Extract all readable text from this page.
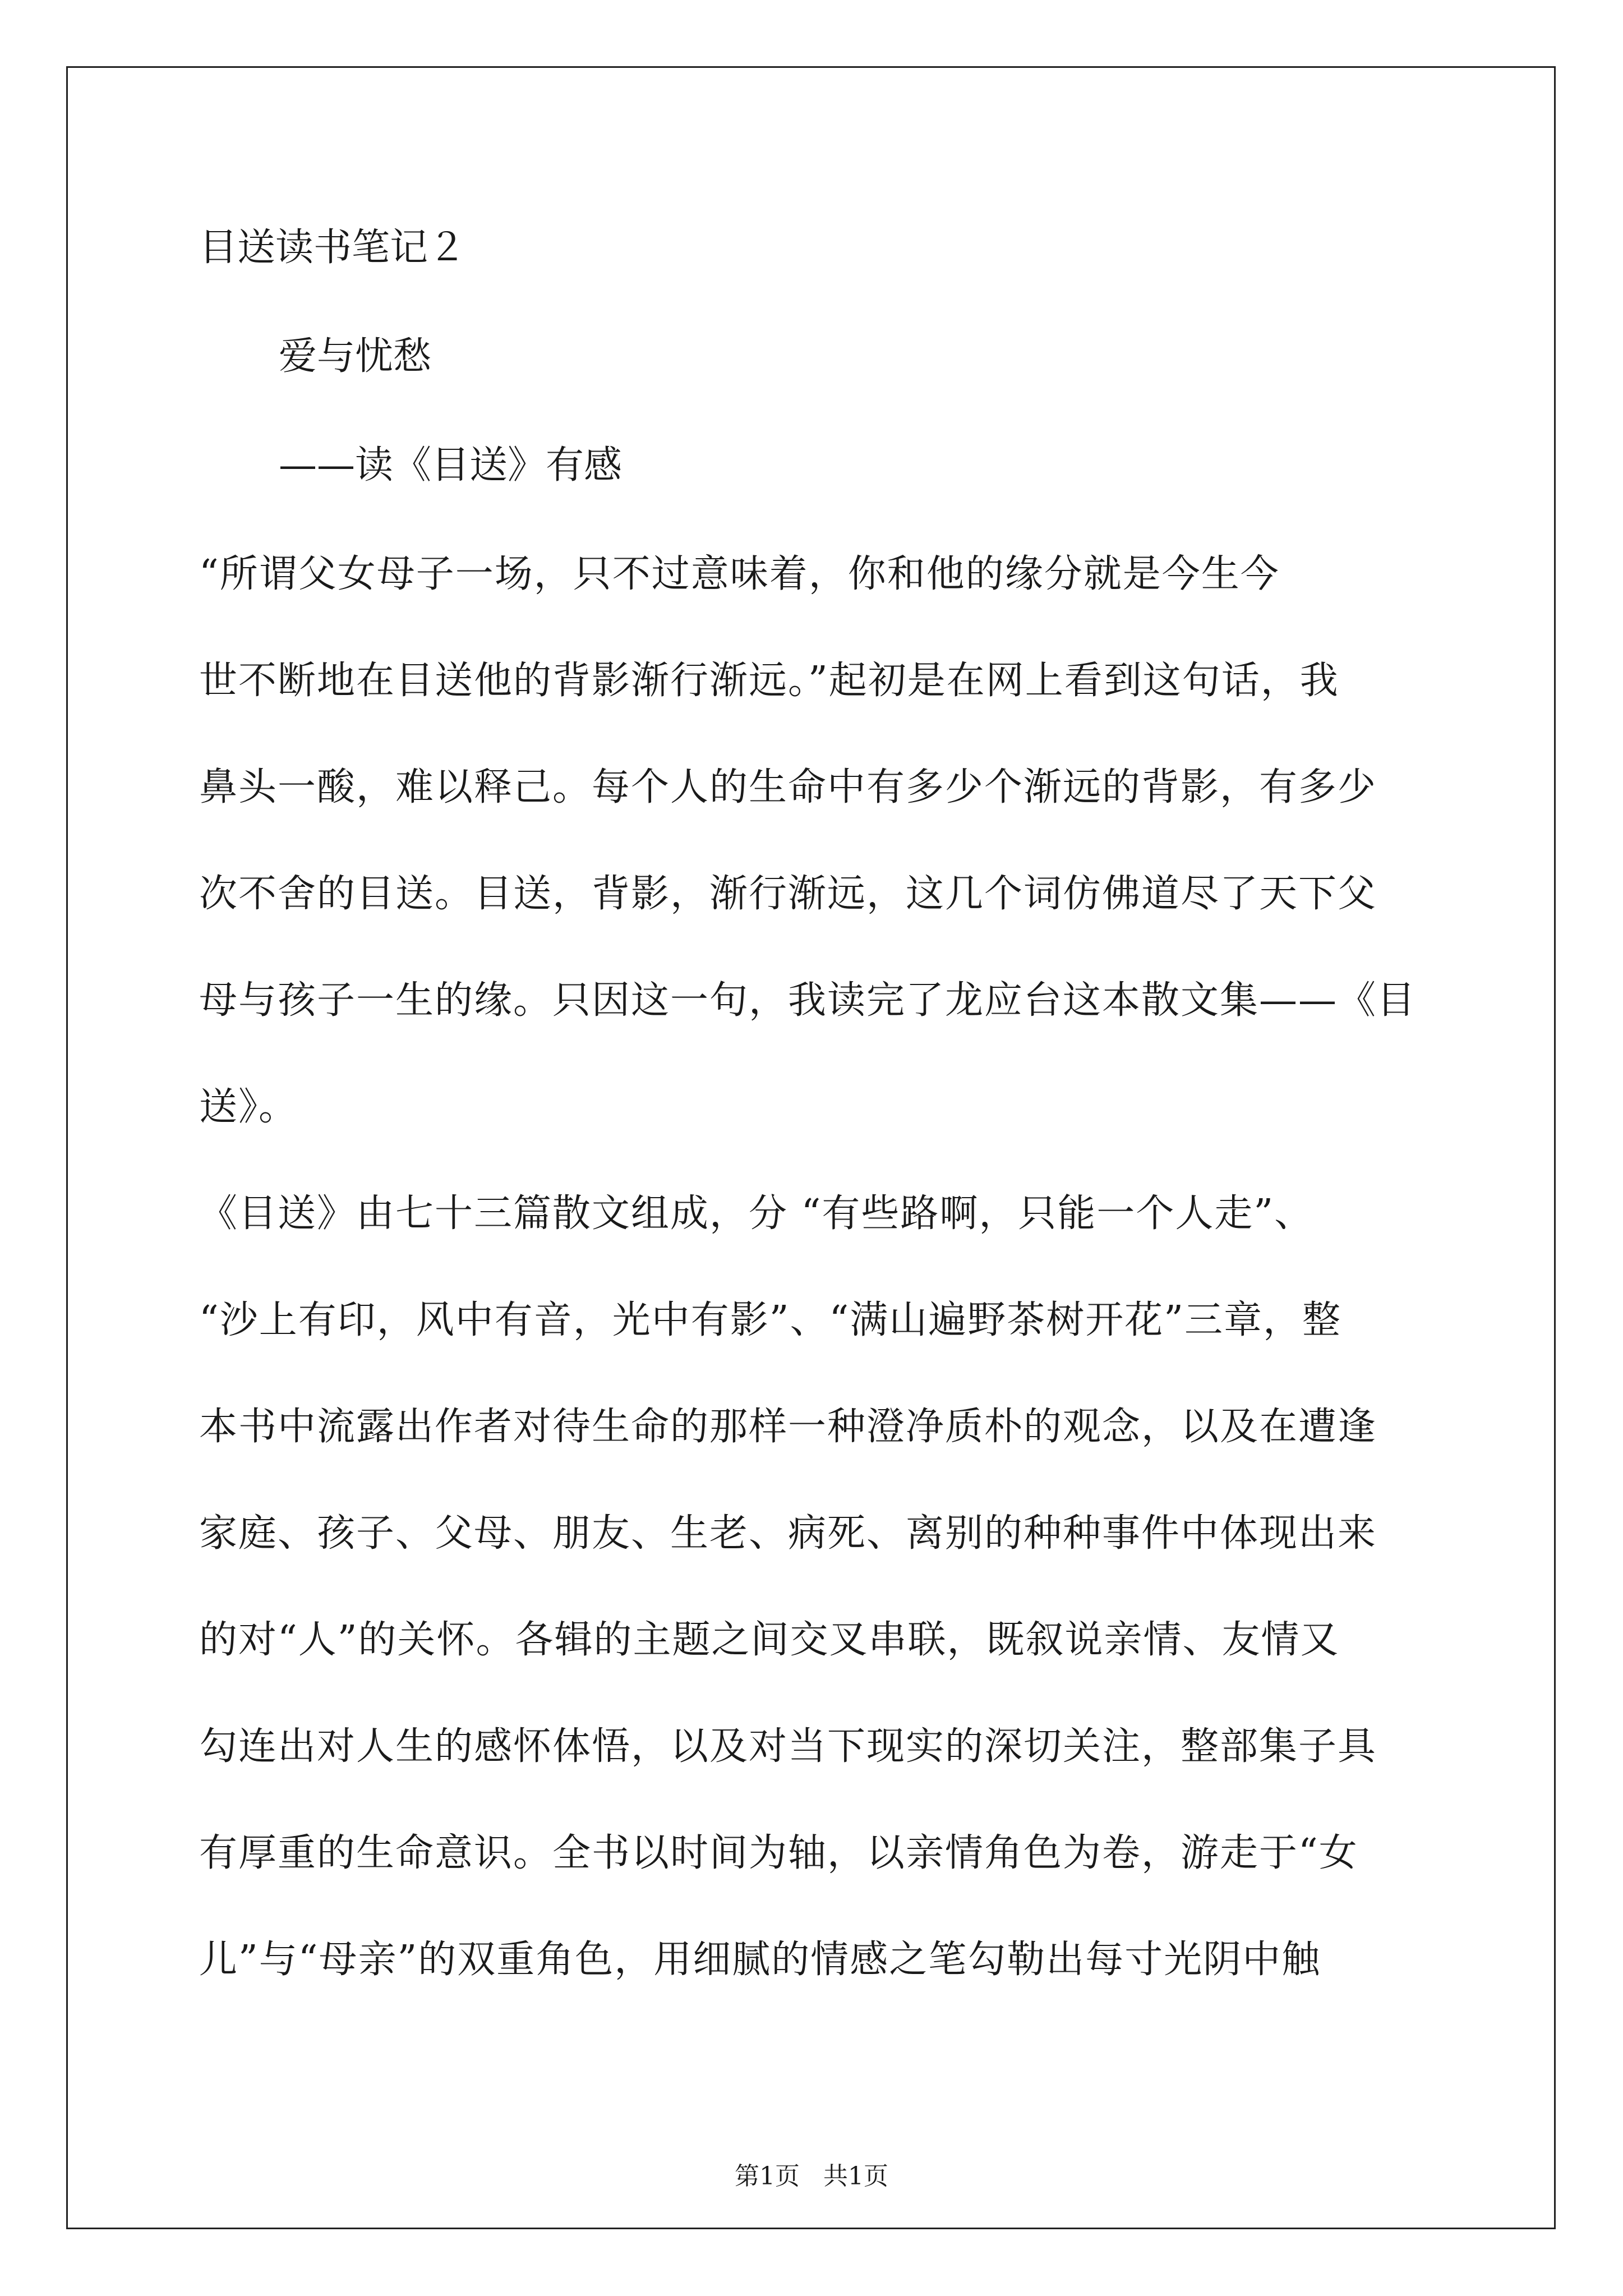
目送读书笔记２
爱与忧愁
——读《目送》有感
“所谓父女母子一场，只不过意味着，你和他的缘分就是今生今
世不断地在目送他的背影渐行渐远。”起初是在网上看到这句话，我
鼻头一酸，难以释己。每个人的生命中有多少个渐远的背影，有多少
次不舍的目送。目送，背影，渐行渐远，这几个词仿佛道尽了天下父
母与孩子一生的缘。只因这一句，我读完了龙应台这本散文集——《目
送》。
《目送》由七十三篇散文组成，分 “有些路啊，只能一个人走”、
“沙上有印，风中有音，光中有影”、“满山遍野茶树开花”三章，整
本书中流露出作者对待生命的那样一种澄净质朴的观念，以及在遭逢
家庭、孩子、父母、朋友、生老、病死、离别的种种事件中体现出来
的对“人”的关怀。各辑的主题之间交叉串联，既叙说亲情、友情又
勾连出对人生的感怀体悟，以及对当下现实的深切关注，整部集子具
有厚重的生命意识。全书以时间为轴，以亲情角色为卷，游走于“女
儿”与“母亲”的双重角色，用细腻的情感之笔勾勒出每寸光阴中触
第1页   共1页
